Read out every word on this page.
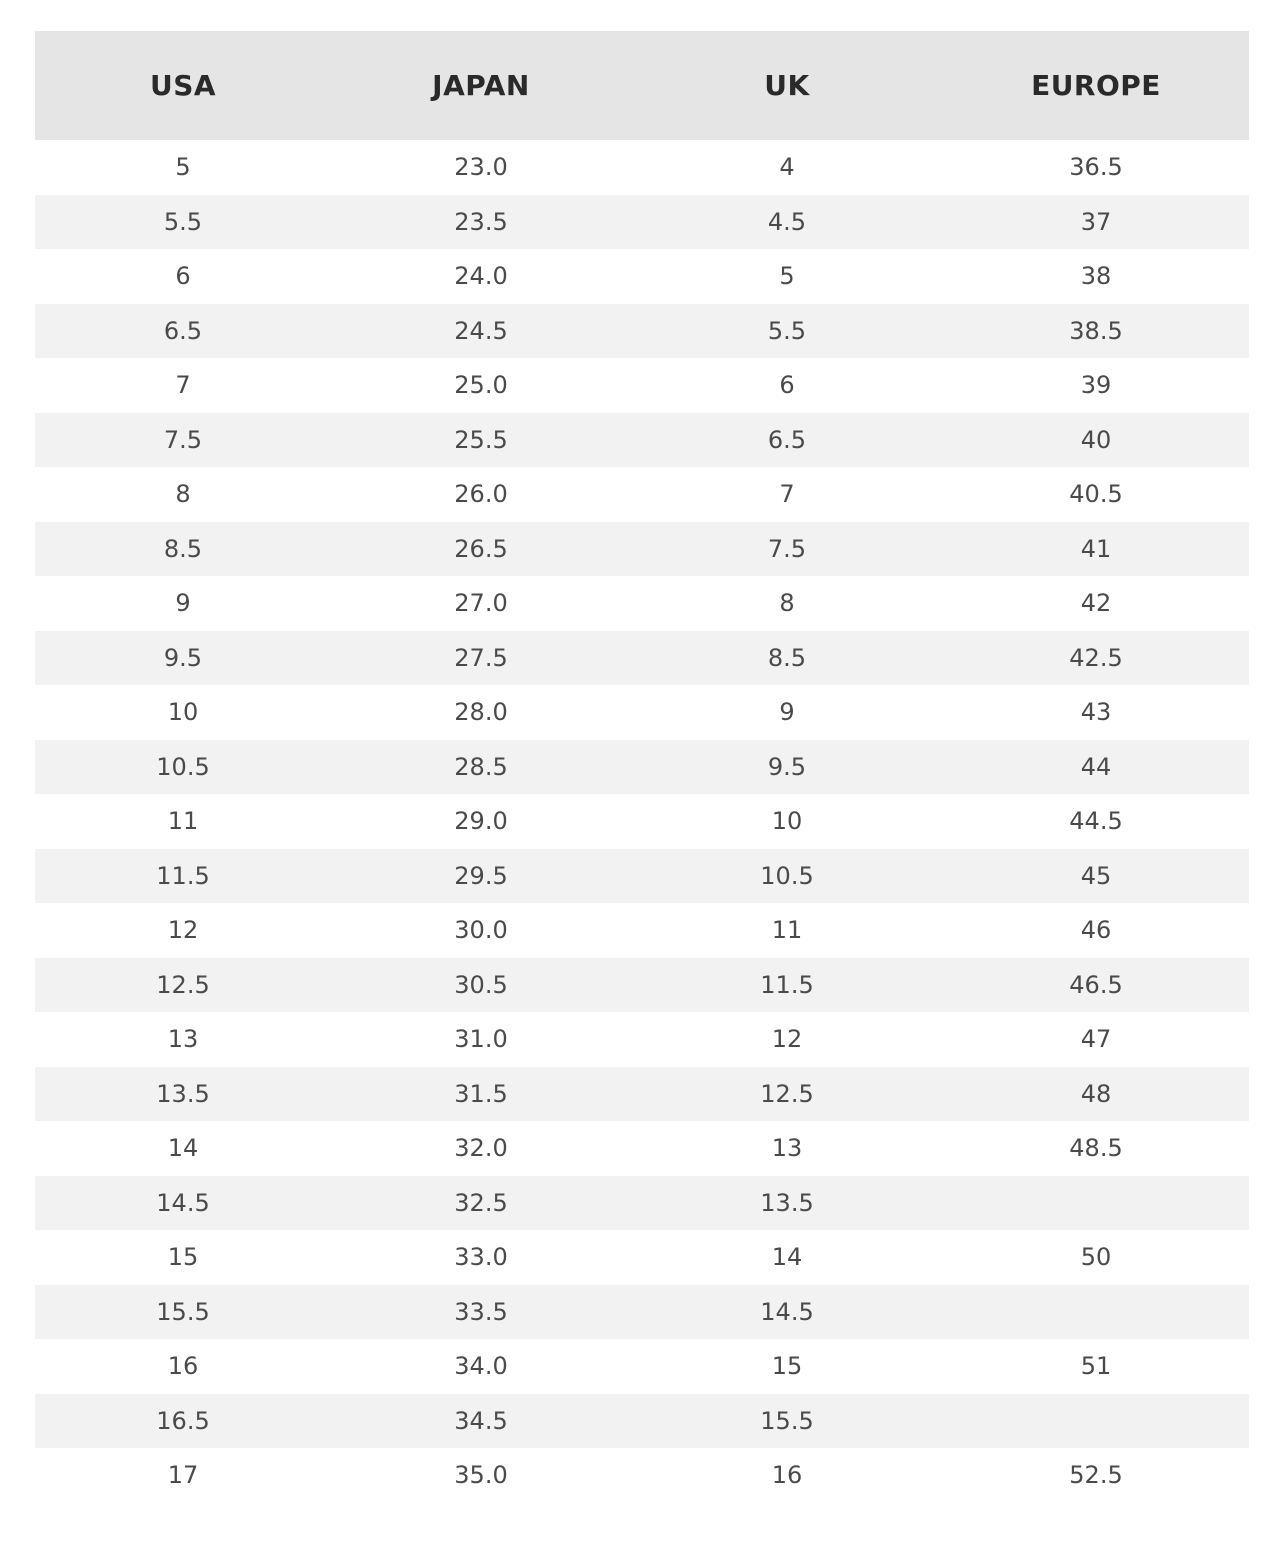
USA	JAPAN	UK	EUROPE
5	23.0	4	36.5
5.5	23.5	4.5	37
6	24.0	5	38
6.5	24.5	5.5	38.5
7	25.0	6	39
7.5	25.5	6.5	40
8	26.0	7	40.5
8.5	26.5	7.5	41
9	27.0	8	42
9.5	27.5	8.5	42.5
10	28.0	9	43
10.5	28.5	9.5	44
11	29.0	10	44.5
11.5	29.5	10.5	45
12	30.0	11	46
12.5	30.5	11.5	46.5
13	31.0	12	47
13.5	31.5	12.5	48
14	32.0	13	48.5
14.5	32.5	13.5
15	33.0	14	50
15.5	33.5	14.5
16	34.0	15	51
16.5	34.5	15.5
17	35.0	16	52.5
